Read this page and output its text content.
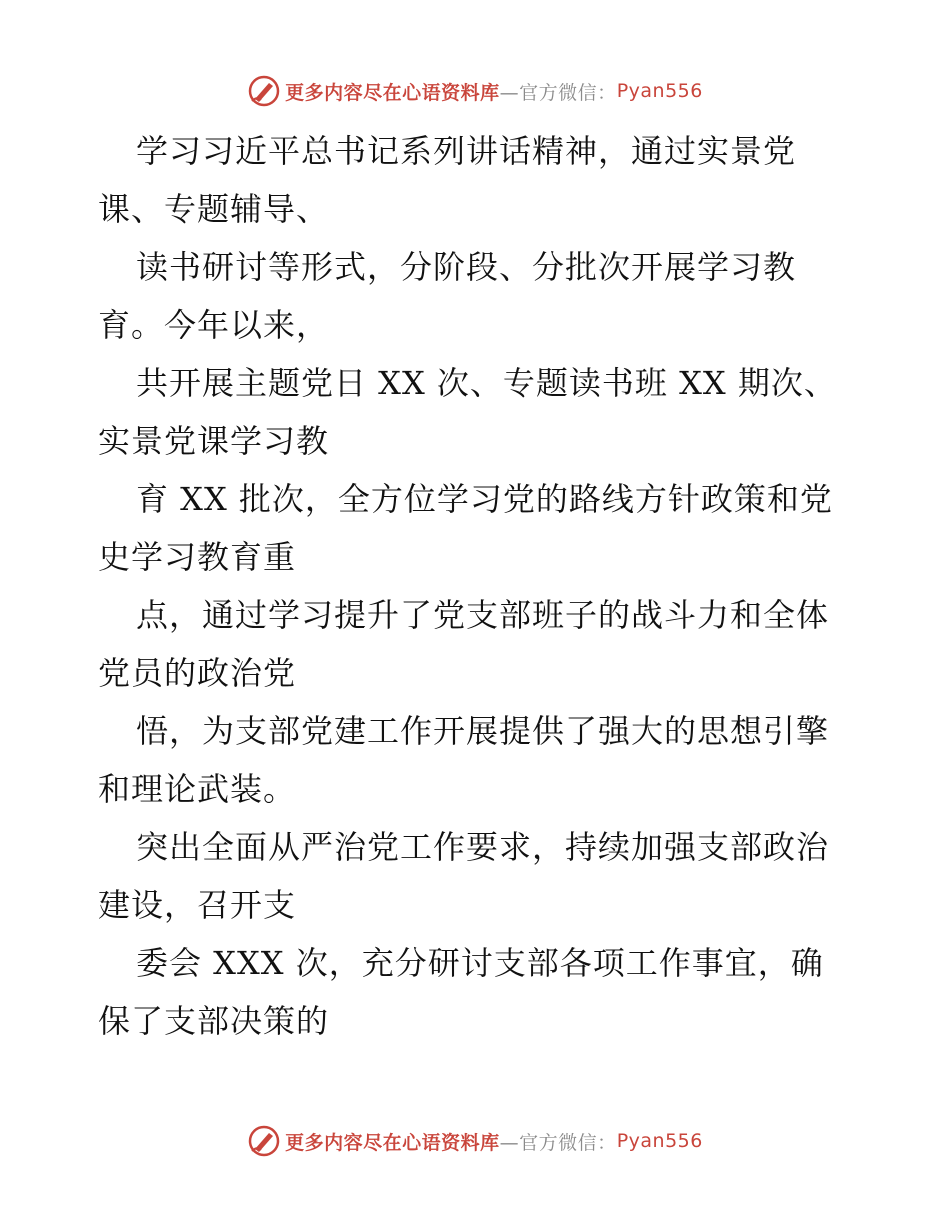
更多内容尽在心语资料库 —官方微信： Pyan556
学习习近平总书记系列讲话精神，通过实景党
课、专题辅导、
读书研讨等形式，分阶段、分批次开展学习教
育。今年以来，
共开展主题党日 XX 次、专题读书班 XX 期次、
实景党课学习教
育 XX 批次，全方位学习党的路线方针政策和党
史学习教育重
点，通过学习提升了党支部班子的战斗力和全体
党员的政治党
悟，为支部党建工作开展提供了强大的思想引擎
和理论武装。
突出全面从严治党工作要求，持续加强支部政治
建设，召开支
委会 XXX 次，充分研讨支部各项工作事宜，确
保了支部决策的
更多内容尽在心语资料库 —官方微信： Pyan556
